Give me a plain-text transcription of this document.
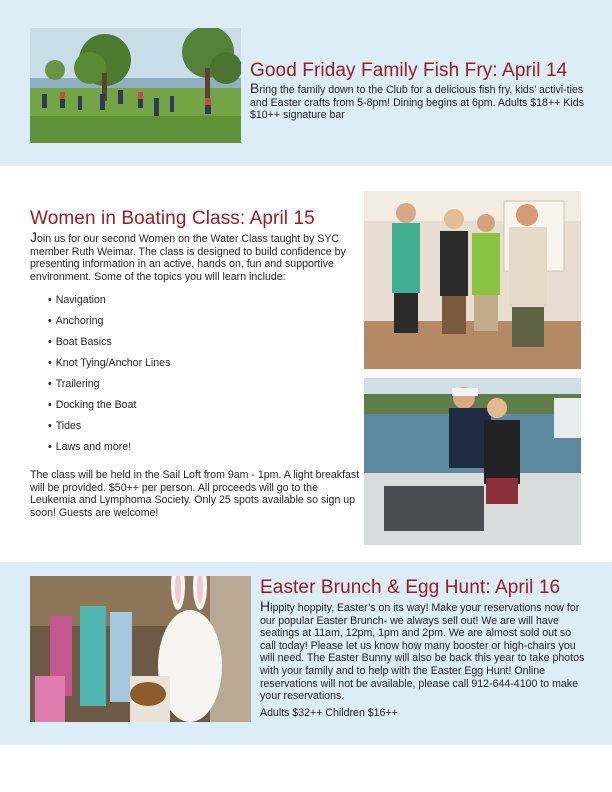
Good Friday Family Fish Fry: April 14

Bring the family down to the Club for a delicious fish fry, kids’ activi-ties and Easter crafts from 5-8pm! Dining begins at 6pm. Adults $18++ Kids $10++ signature bar

Women in Boating Class: April 15

Join us for our second Women on the Water Class taught by SYC member Ruth Weimar. The class is designed to build confidence by presenting information in an active, hands on, fun and supportive environment. Some of the topics you will learn include:

• Navigation
• Anchoring
• Boat Basics
• Knot Tying/Anchor Lines
• Trailering
• Docking the Boat
• Tides
• Laws and more!

The class will be held in the Sail Loft from 9am - 1pm. A light breakfast will be provided. $50++ per person. All proceeds will go to the Leukemia and Lymphoma Society. Only 25 spots available so sign up soon! Guests are welcome!

Easter Brunch & Egg Hunt: April 16

Hippity hoppity, Easter’s on its way! Make your reservations now for our popular Easter Brunch- we always sell out! We are will have seatings at 11am, 12pm, 1pm and 2pm. We are almost sold out so call today! Please let us know how many booster or high-chairs you will need. The Easter Bunny will also be back this year to take photos with your family and to help with the Easter Egg Hunt! Online reservations will not be available, please call 912-644-4100 to make your reservations.

Adults $32++ Children $16++
